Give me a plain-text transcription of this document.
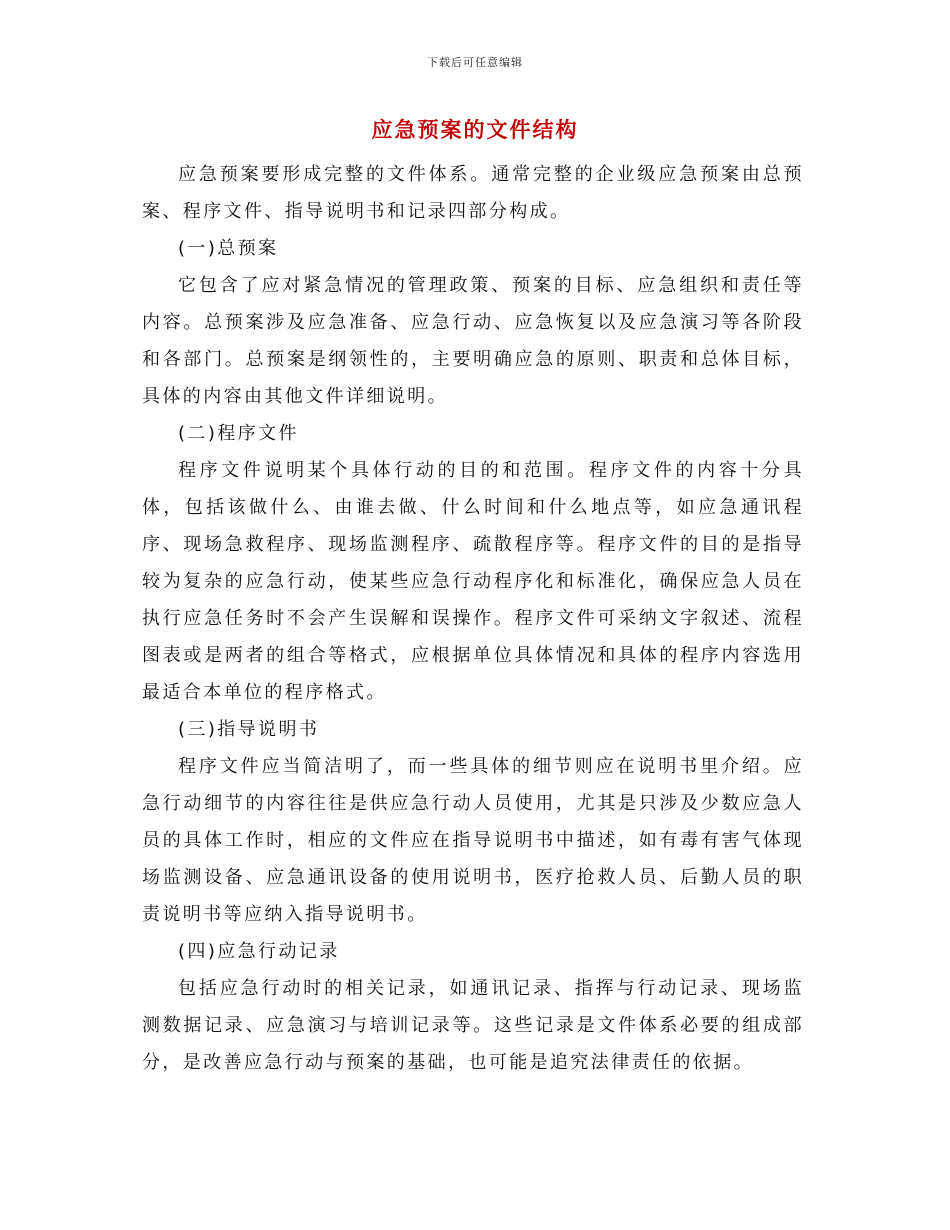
下载后可任意编辑
应急预案的文件结构

应急预案要形成完整的文件体系。通常完整的企业级应急预案由总预案、程序文件、指导说明书和记录四部分构成。

(一)总预案

它包含了应对紧急情况的管理政策、预案的目标、应急组织和责任等内容。总预案涉及应急准备、应急行动、应急恢复以及应急演习等各阶段和各部门。总预案是纲领性的，主要明确应急的原则、职责和总体目标，具体的内容由其他文件详细说明。

(二)程序文件

程序文件说明某个具体行动的目的和范围。程序文件的内容十分具体，包括该做什么、由谁去做、什么时间和什么地点等，如应急通讯程序、现场急救程序、现场监测程序、疏散程序等。程序文件的目的是指导较为复杂的应急行动，使某些应急行动程序化和标准化，确保应急人员在执行应急任务时不会产生误解和误操作。程序文件可采纳文字叙述、流程图表或是两者的组合等格式，应根据单位具体情况和具体的程序内容选用最适合本单位的程序格式。

(三)指导说明书

程序文件应当简洁明了，而一些具体的细节则应在说明书里介绍。应急行动细节的内容往往是供应急行动人员使用，尤其是只涉及少数应急人员的具体工作时，相应的文件应在指导说明书中描述，如有毒有害气体现场监测设备、应急通讯设备的使用说明书，医疗抢救人员、后勤人员的职责说明书等应纳入指导说明书。

(四)应急行动记录

包括应急行动时的相关记录，如通讯记录、指挥与行动记录、现场监测数据记录、应急演习与培训记录等。这些记录是文件体系必要的组成部分，是改善应急行动与预案的基础，也可能是追究法律责任的依据。
